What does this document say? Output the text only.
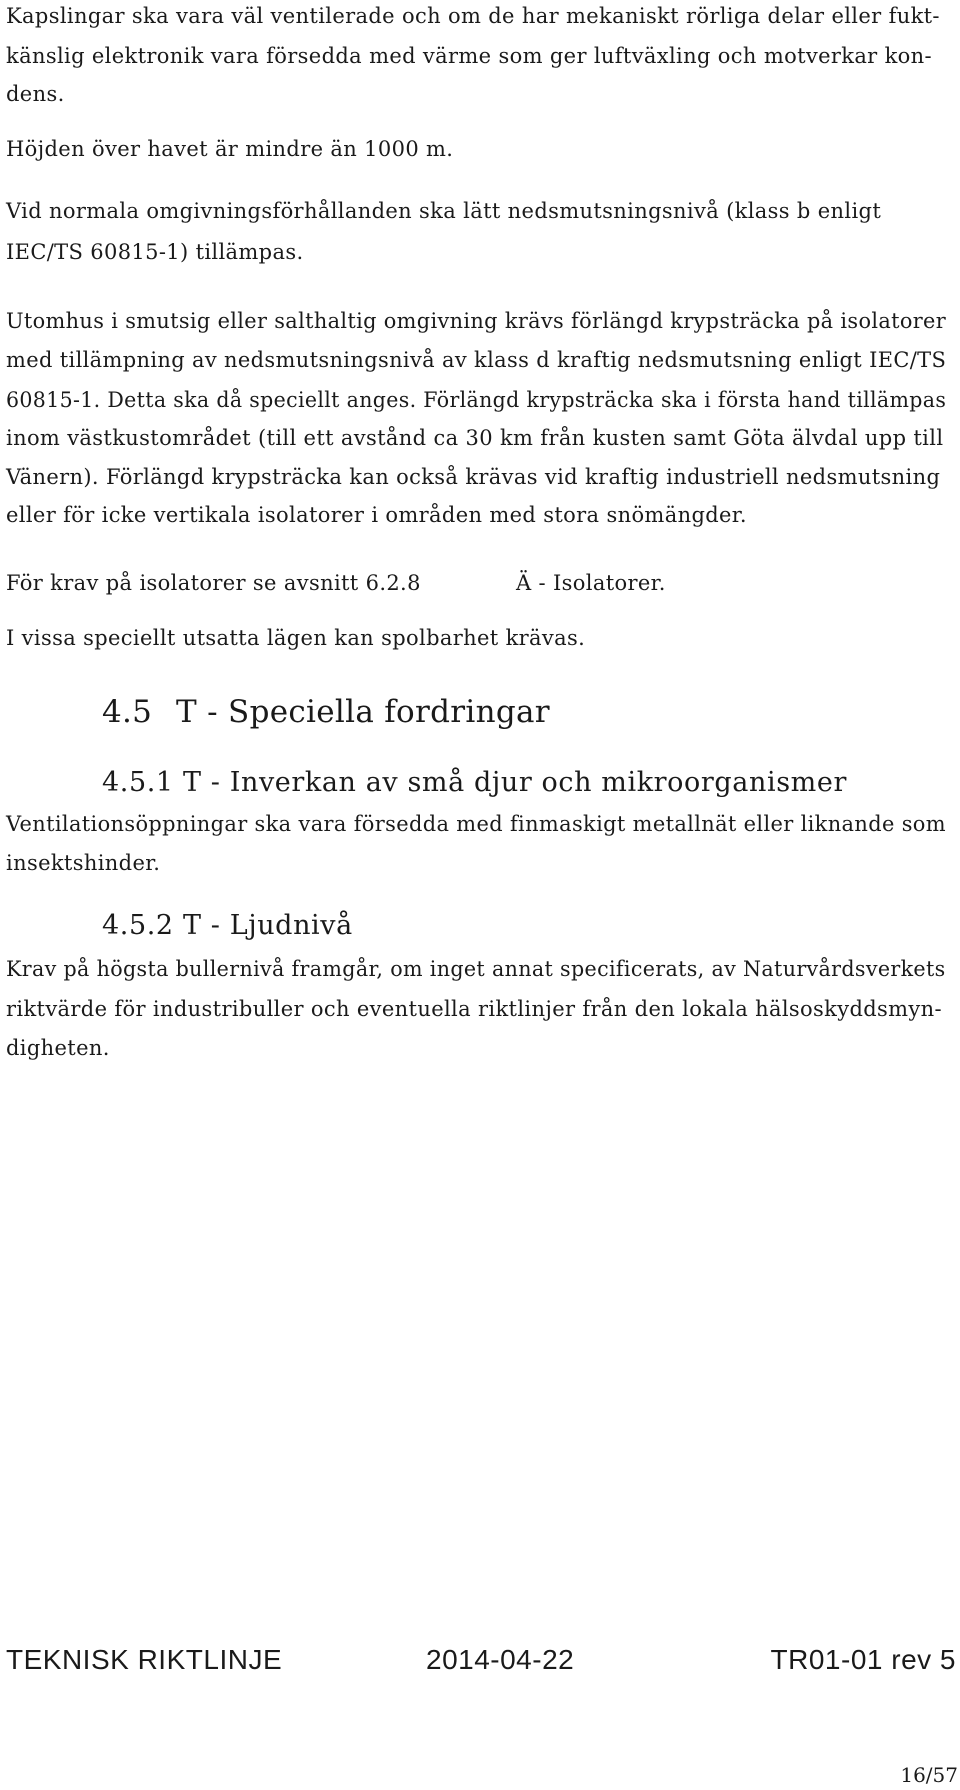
Kapslingar ska vara väl ventilerade och om de har mekaniskt rörliga delar eller fukt-
känslig elektronik vara försedda med värme som ger luftväxling och motverkar kon-
dens.
Höjden över havet är mindre än 1000 m.
Vid normala omgivningsförhållanden ska lätt nedsmutsningsnivå (klass b enligt
IEC/TS 60815-1) tillämpas.
Utomhus i smutsig eller salthaltig omgivning krävs förlängd krypsträcka på isolatorer
med tillämpning av nedsmutsningsnivå av klass d kraftig nedsmutsning enligt IEC/TS
60815-1. Detta ska då speciellt anges. Förlängd krypsträcka ska i första hand tillämpas
inom västkustområdet (till ett avstånd ca 30 km från kusten samt Göta älvdal upp till
Vänern). Förlängd krypsträcka kan också krävas vid kraftig industriell nedsmutsning
eller för icke vertikala isolatorer i områden med stora snömängder.
För krav på isolatorer se avsnitt 6.2.8	Ä - Isolatorer.
I vissa speciellt utsatta lägen kan spolbarhet krävas.
4.5 T - Speciella fordringar
4.5.1 T - Inverkan av små djur och mikroorganismer
Ventilationsöppningar ska vara försedda med finmaskigt metallnät eller liknande som
insektshinder.
4.5.2 T - Ljudnivå
Krav på högsta bullernivå framgår, om inget annat specificerats, av Naturvårdsverkets
riktvärde för industribuller och eventuella riktlinjer från den lokala hälsoskyddsmyn-
digheten.
TEKNISK RIKTLINJE	2014-04-22	TR01-01 rev 5
16/57
